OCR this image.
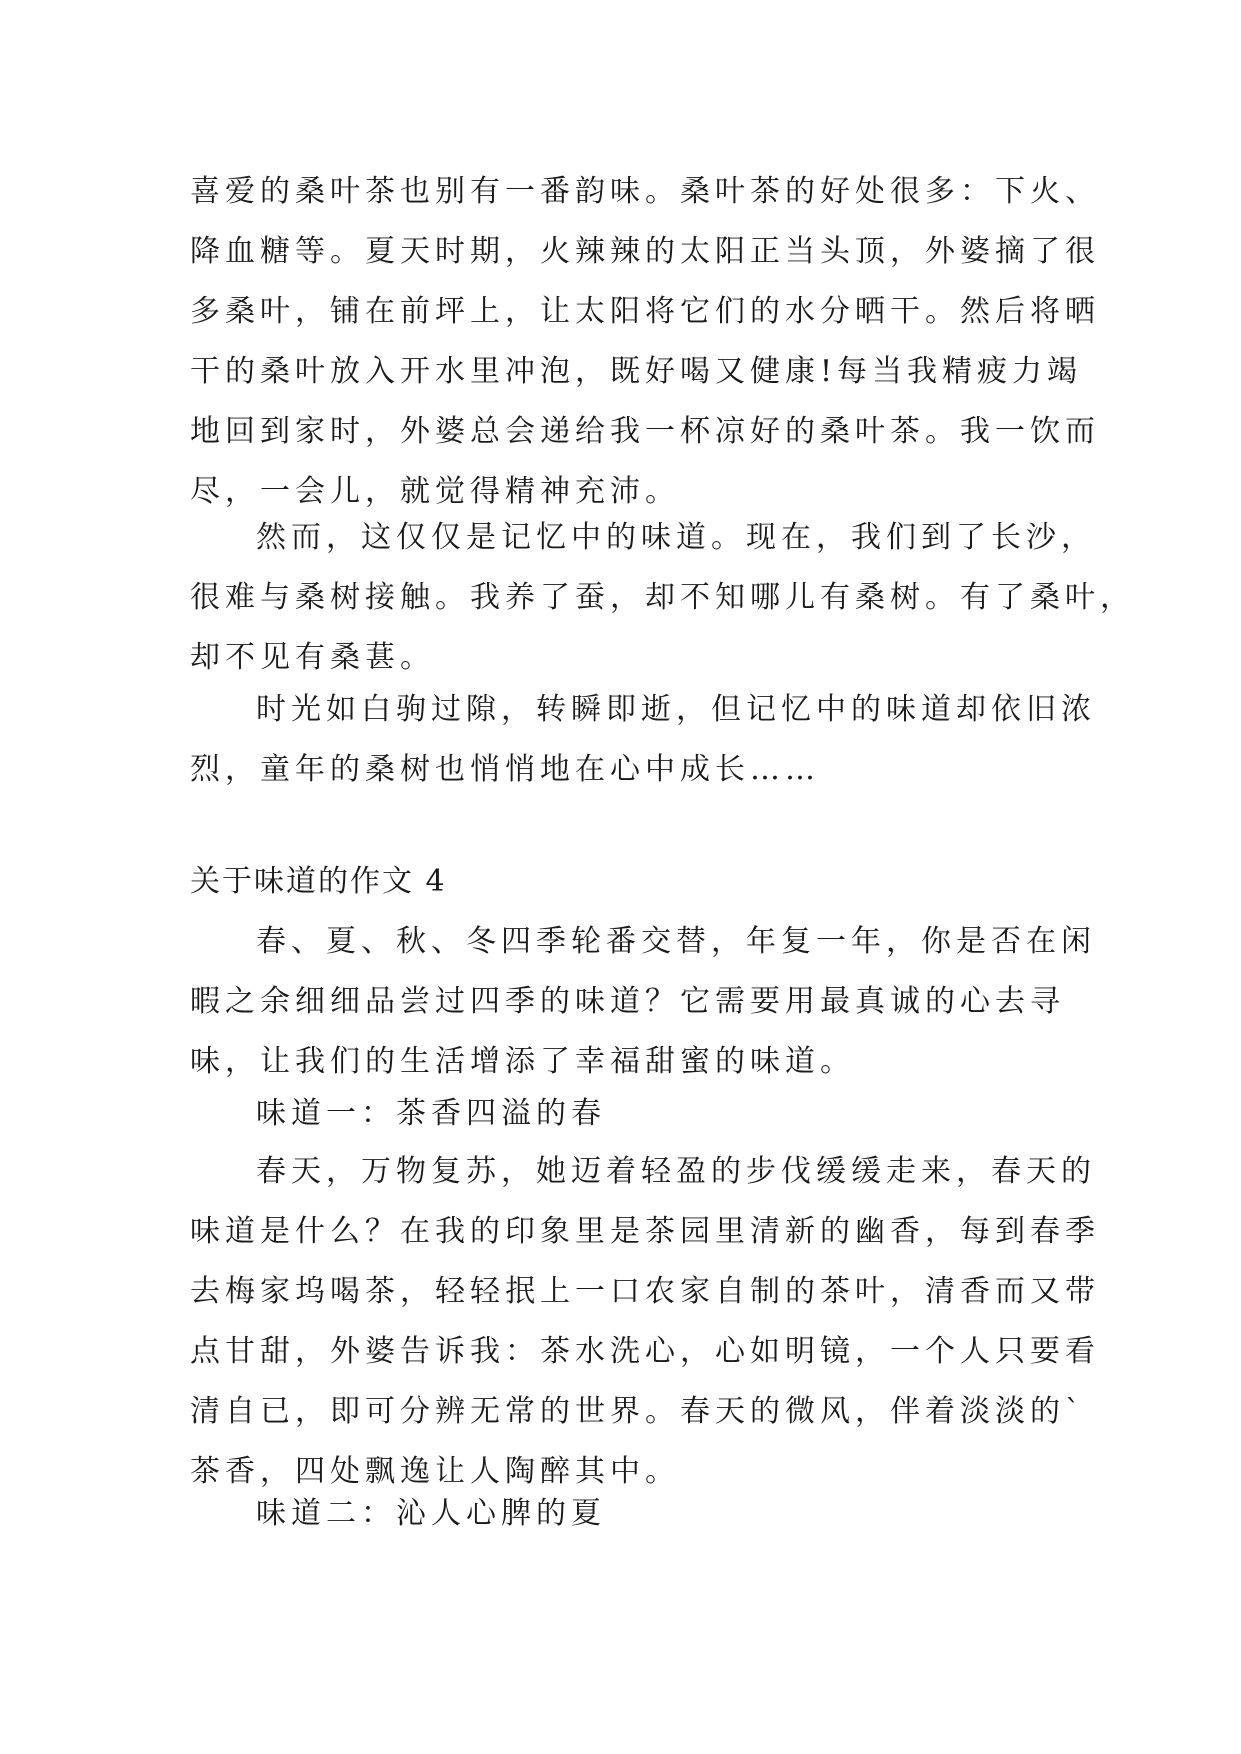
喜爱的桑叶茶也别有一番韵味。桑叶茶的好处很多：下火、
降血糖等。夏天时期，火辣辣的太阳正当头顶，外婆摘了很
多桑叶，铺在前坪上，让太阳将它们的水分晒干。然后将晒
干的桑叶放入开水里冲泡，既好喝又健康!每当我精疲力竭
地回到家时，外婆总会递给我一杯凉好的桑叶茶。我一饮而
尽，一会儿，就觉得精神充沛。
然而，这仅仅是记忆中的味道。现在，我们到了长沙，
很难与桑树接触。我养了蚕，却不知哪儿有桑树。有了桑叶，
却不见有桑葚。
时光如白驹过隙，转瞬即逝，但记忆中的味道却依旧浓
烈，童年的桑树也悄悄地在心中成长……
关于味道的作文 4
春、夏、秋、冬四季轮番交替，年复一年，你是否在闲
暇之余细细品尝过四季的味道？它需要用最真诚的心去寻
味，让我们的生活增添了幸福甜蜜的味道。
味道一：茶香四溢的春
春天，万物复苏，她迈着轻盈的步伐缓缓走来，春天的
味道是什么？在我的印象里是茶园里清新的幽香，每到春季
去梅家坞喝茶，轻轻抿上一口农家自制的茶叶，清香而又带
点甘甜，外婆告诉我：茶水洗心，心如明镜，一个人只要看
清自已，即可分辨无常的世界。春天的微风，伴着淡淡的`
茶香，四处飘逸让人陶醉其中。
味道二：沁人心脾的夏
